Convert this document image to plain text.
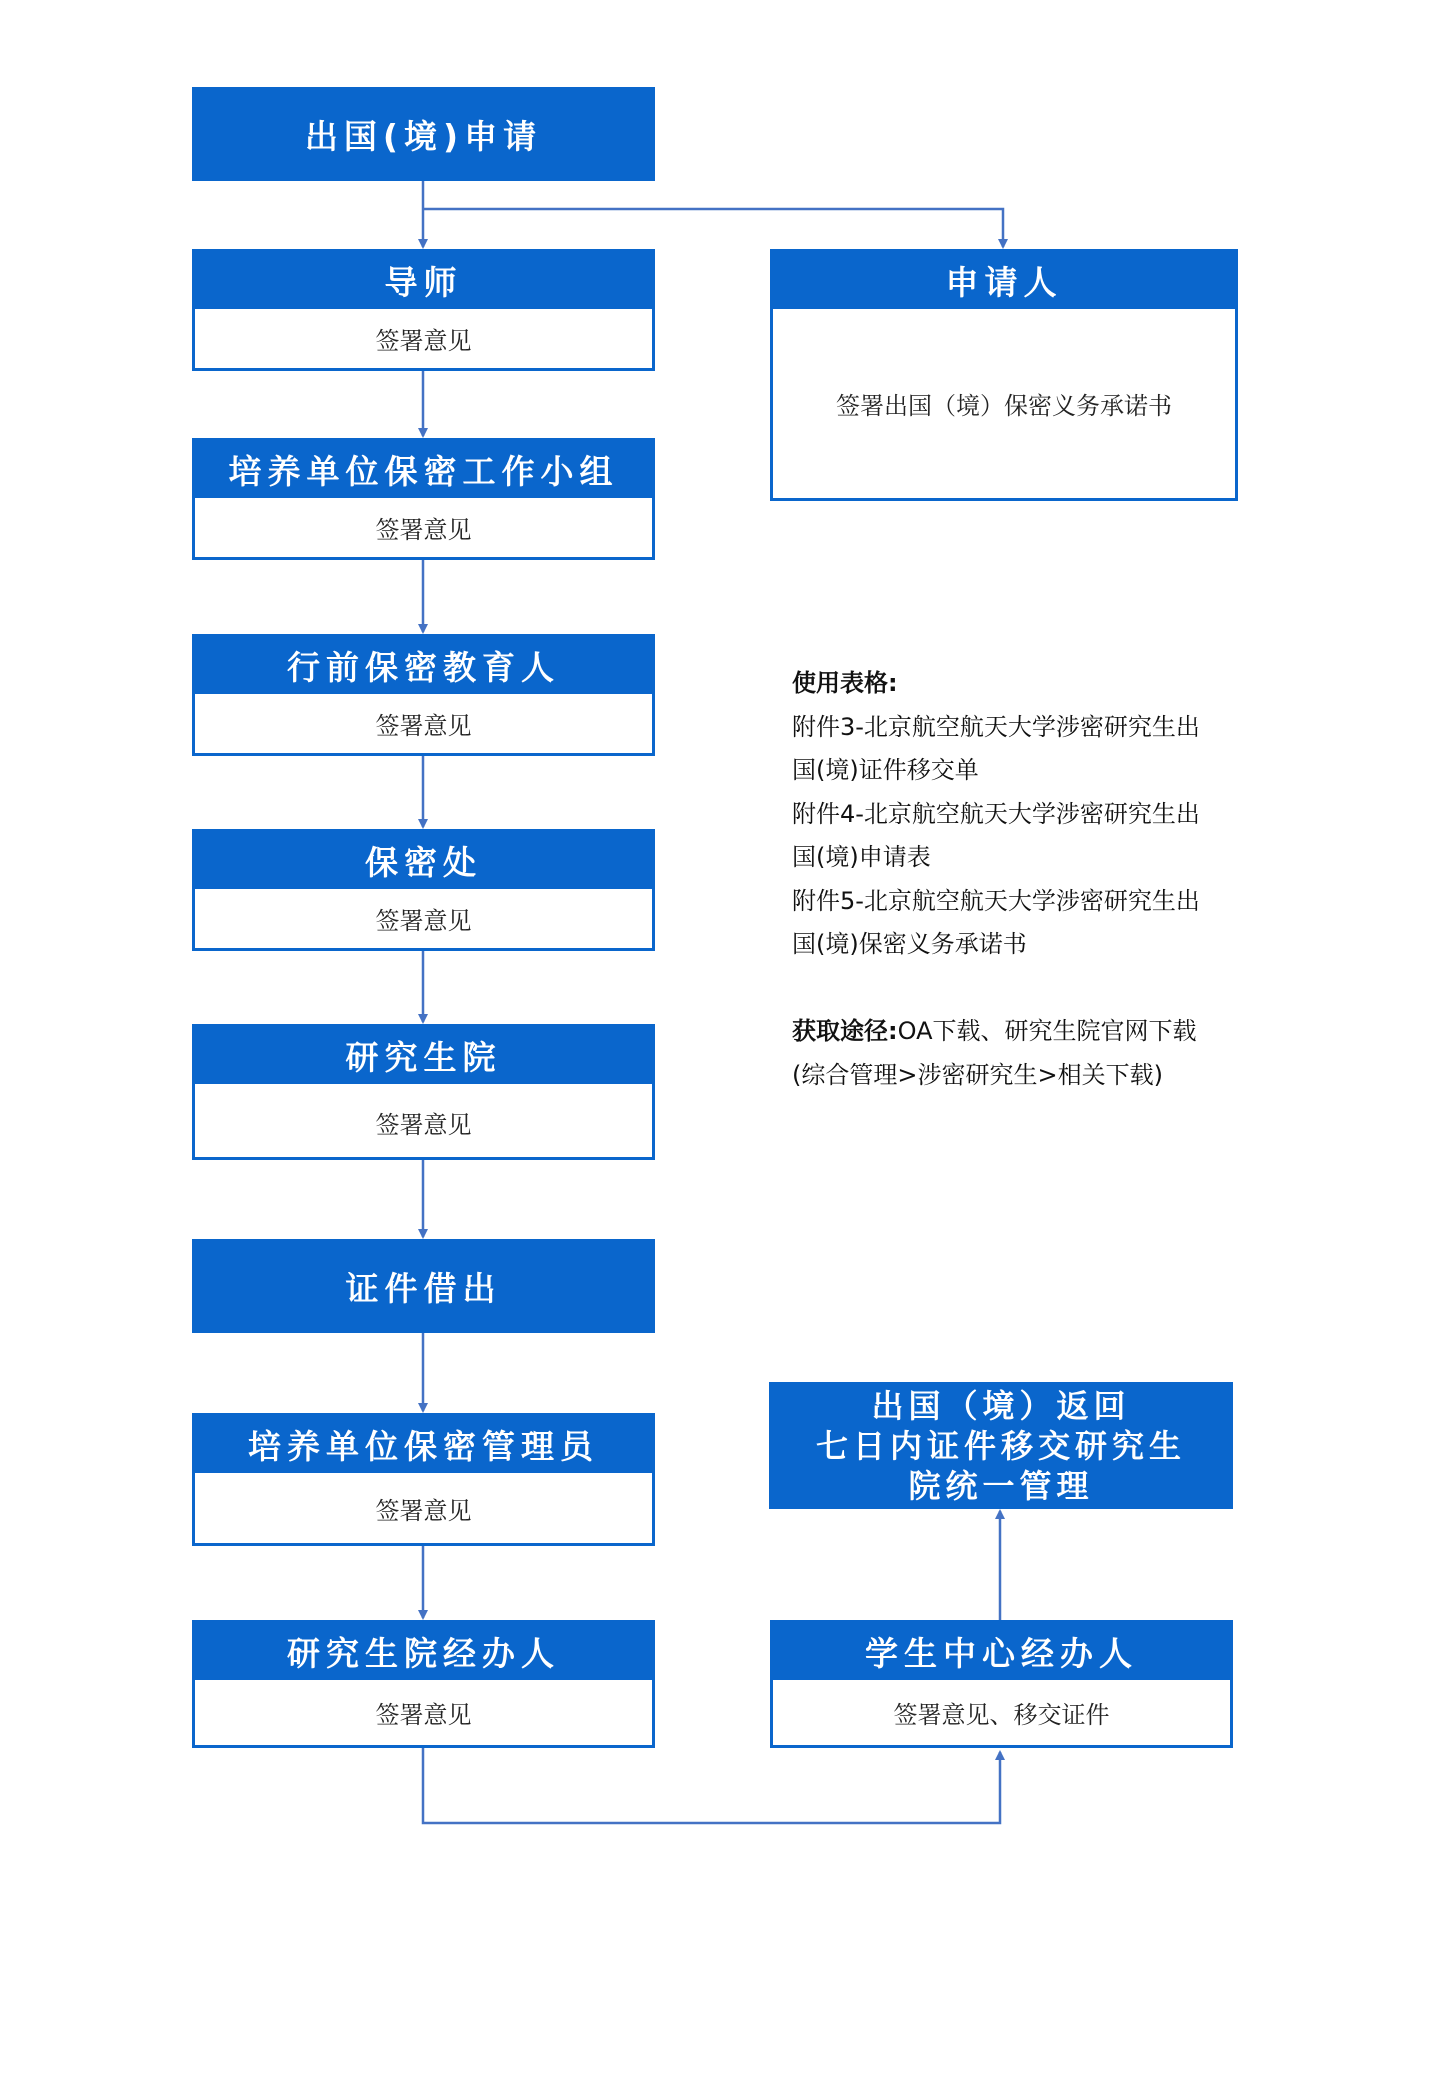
出国(境)申请
导师
签署意见
申请人
签署出国（境）保密义务承诺书
培养单位保密工作小组
签署意见
行前保密教育人
签署意见
保密处
签署意见
研究生院
签署意见
证件借出
培养单位保密管理员
签署意见
研究生院经办人
签署意见
学生中心经办人
签署意见、移交证件
出国（境）返回
七日内证件移交研究生
院统一管理

使用表格:

附件3-北京航空航天大学涉密研究生出

国(境)证件移交单

附件4-北京航空航天大学涉密研究生出

国(境)申请表

附件5-北京航空航天大学涉密研究生出

国(境)保密义务承诺书

获取途径:OA下载、研究生院官网下载

(综合管理>涉密研究生>相关下载)
